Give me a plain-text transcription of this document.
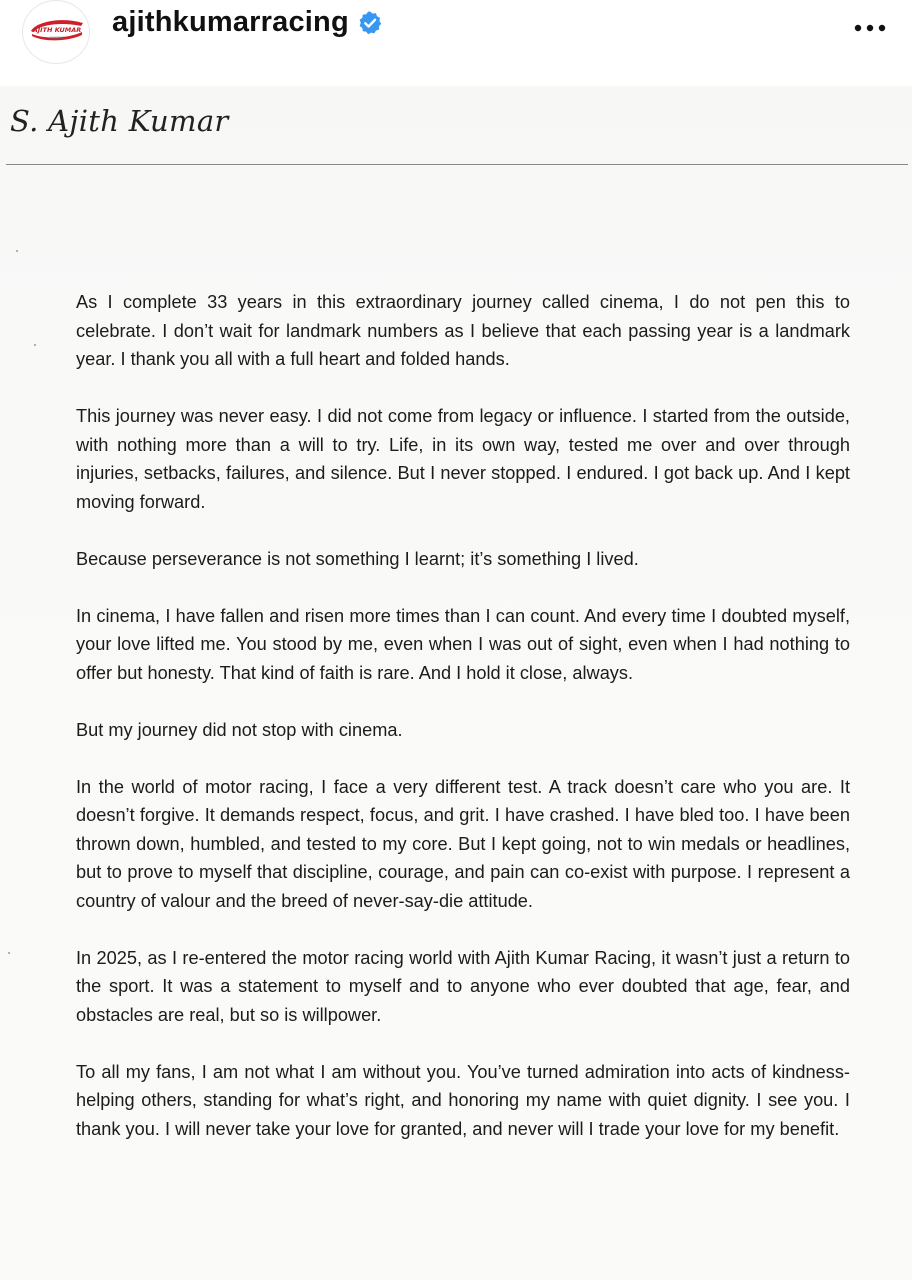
AJITH KUMAR
RACING ajithkumarracing
S. Ajith Kumar

As I complete 33 years in this extraordinary journey called cinema, I do not pen this to celebrate. I don’t wait for landmark numbers as I believe that each passing year is a landmark year. I thank you all with a full heart and folded hands.

This journey was never easy. I did not come from legacy or influence. I started from the outside, with nothing more than a will to try. Life, in its own way, tested me over and over through injuries, setbacks, failures, and silence. But I never stopped. I endured. I got back up. And I kept moving forward.

Because perseverance is not something I learnt; it’s something I lived.

In cinema, I have fallen and risen more times than I can count. And every time I doubted myself, your love lifted me. You stood by me, even when I was out of sight, even when I had nothing to offer but honesty. That kind of faith is rare. And I hold it close, always.

But my journey did not stop with cinema.

In the world of motor racing, I face a very different test. A track doesn’t care who you are. It doesn’t forgive. It demands respect, focus, and grit. I have crashed. I have bled too. I have been thrown down, humbled, and tested to my core. But I kept going, not to win medals or headlines, but to prove to myself that discipline, courage, and pain can co-exist with purpose. I represent a country of valour and the breed of never-say-die attitude.

In 2025, as I re-entered the motor racing world with Ajith Kumar Racing, it wasn’t just a return to the sport. It was a statement to myself and to anyone who ever doubted that age, fear, and obstacles are real, but so is willpower.

To all my fans, I am not what I am without you. You’ve turned admiration into acts of kindness-helping others, standing for what’s right, and honoring my name with quiet dignity. I see you. I thank you. I will never take your love for granted, and never will I trade your love for my benefit.
